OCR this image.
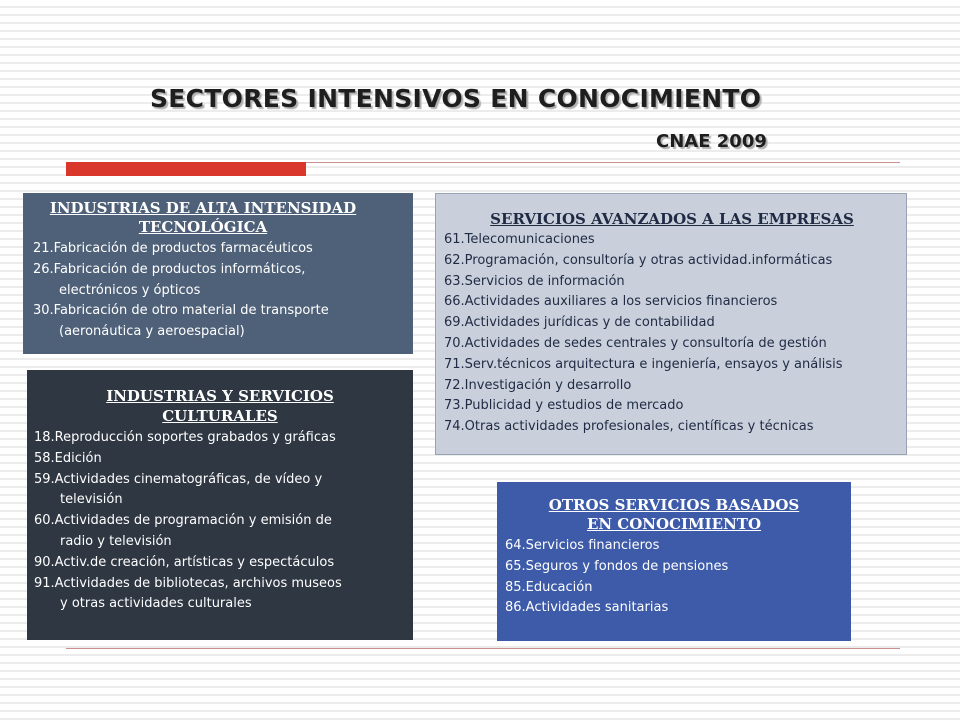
SECTORES INTENSIVOS EN CONOCIMIENTO
CNAE 2009
INDUSTRIAS DE ALTA INTENSIDAD
TECNOLÓGICA
21.Fabricación de productos farmacéuticos
26.Fabricación de productos informáticos,
electrónicos y ópticos
30.Fabricación de otro material de transporte
(aeronáutica y aeroespacial)
INDUSTRIAS Y SERVICIOS
CULTURALES
18.Reproducción soportes grabados y gráficas
58.Edición
59.Actividades cinematográficas, de vídeo y
televisión
60.Actividades de programación y emisión de
radio y televisión
90.Activ.de creación, artísticas y espectáculos
91.Actividades de bibliotecas, archivos museos
y otras actividades culturales
SERVICIOS AVANZADOS A LAS EMPRESAS
61.Telecomunicaciones
62.Programación, consultoría y otras actividad.informáticas
63.Servicios de información
66.Actividades auxiliares a los servicios financieros
69.Actividades jurídicas y de contabilidad
70.Actividades de sedes centrales y consultoría de gestión
71.Serv.técnicos arquitectura e ingeniería, ensayos y análisis
72.Investigación y desarrollo
73.Publicidad y estudios de mercado
74.Otras actividades profesionales, científicas y técnicas
OTROS SERVICIOS BASADOS
EN CONOCIMIENTO
64.Servicios financieros
65.Seguros y fondos de pensiones
85.Educación
86.Actividades sanitarias
